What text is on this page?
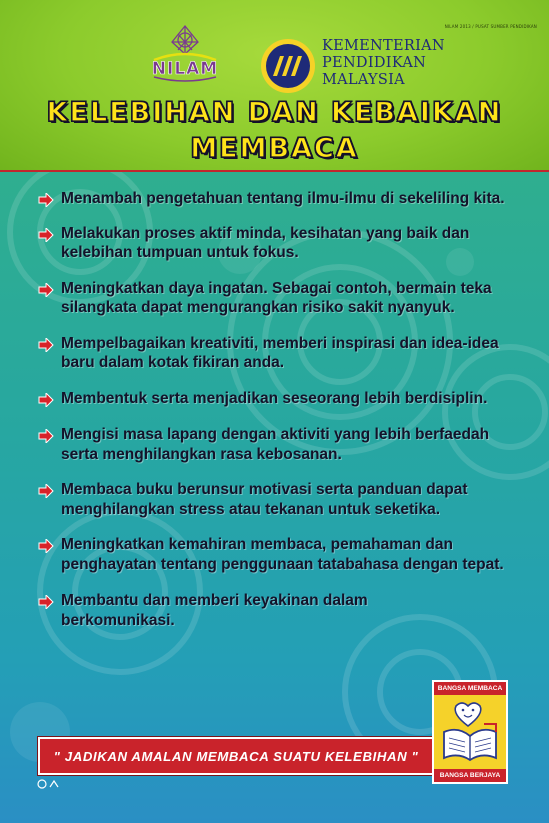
NILAM 2013 / PUSAT SUMBER PENDIDIKAN
NILAM
KEMENTERIAN
PENDIDIKAN
MALAYSIA
KELEBIHAN DAN KEBAIKAN
MEMBACA
Menambah pengetahuan tentang ilmu-ilmu di sekeliling kita.
Melakukan proses aktif minda, kesihatan yang baik dan kelebihan tumpuan untuk fokus.
Meningkatkan daya ingatan. Sebagai contoh, bermain teka silangkata dapat mengurangkan risiko sakit nyanyuk.
Mempelbagaikan kreativiti, memberi inspirasi dan idea-idea baru dalam kotak fikiran anda.
Membentuk serta menjadikan seseorang lebih berdisiplin.
Mengisi masa lapang dengan aktiviti yang lebih berfaedah serta menghilangkan rasa kebosanan.
Membaca buku berunsur motivasi serta panduan dapat menghilangkan stress atau tekanan untuk seketika.
Meningkatkan kemahiran membaca, pemahaman dan penghayatan tentang penggunaan tatabahasa dengan tepat.
Membantu dan memberi keyakinan dalam berkomunikasi.
" JADIKAN AMALAN MEMBACA SUATU KELEBIHAN "
BANGSA MEMBACA
BANGSA BERJAYA
